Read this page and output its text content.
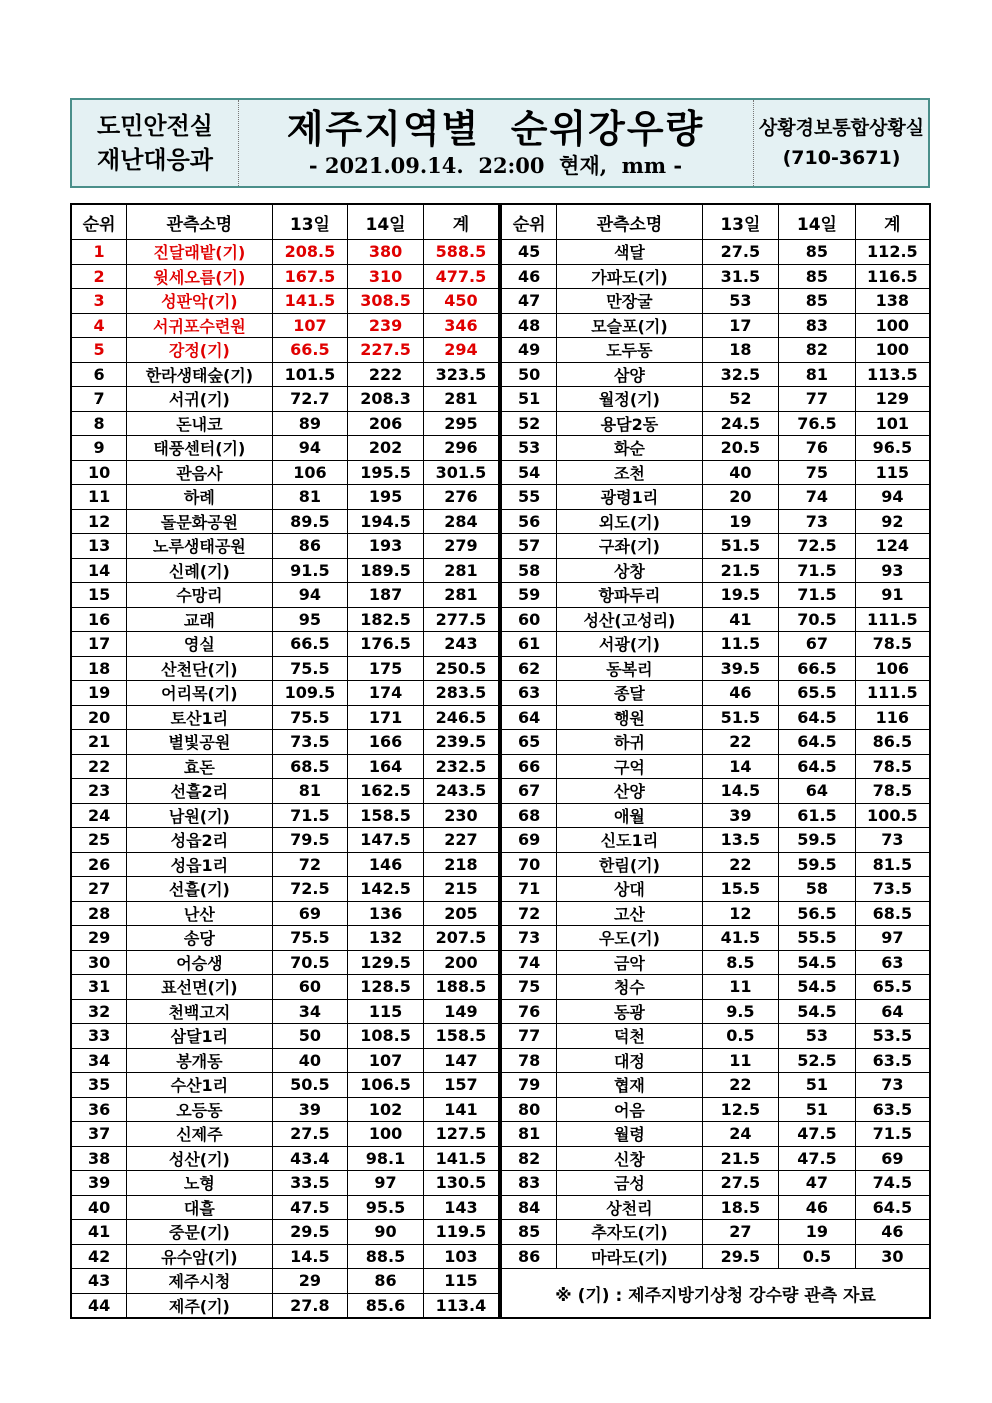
도민안전실
재난대응과
제주지역별  순위강우량
- 2021.09.14.  22:00  현재,  mm -
상황경보통합상황실
(710-3671)
순위	관측소명	13일	14일	계
1	진달래밭(기)	208.5	380	588.5
2	윗세오름(기)	167.5	310	477.5
3	성판악(기)	141.5	308.5	450
4	서귀포수련원	107	239	346
5	강정(기)	66.5	227.5	294
6	한라생태숲(기)	101.5	222	323.5
7	서귀(기)	72.7	208.3	281
8	돈내코	89	206	295
9	태풍센터(기)	94	202	296
10	관음사	106	195.5	301.5
11	하례	81	195	276
12	돌문화공원	89.5	194.5	284
13	노루생태공원	86	193	279
14	신례(기)	91.5	189.5	281
15	수망리	94	187	281
16	교래	95	182.5	277.5
17	영실	66.5	176.5	243
18	산천단(기)	75.5	175	250.5
19	어리목(기)	109.5	174	283.5
20	토산1리	75.5	171	246.5
21	별빛공원	73.5	166	239.5
22	효돈	68.5	164	232.5
23	선흘2리	81	162.5	243.5
24	남원(기)	71.5	158.5	230
25	성읍2리	79.5	147.5	227
26	성읍1리	72	146	218
27	선흘(기)	72.5	142.5	215
28	난산	69	136	205
29	송당	75.5	132	207.5
30	어승생	70.5	129.5	200
31	표선면(기)	60	128.5	188.5
32	천백고지	34	115	149
33	삼달1리	50	108.5	158.5
34	봉개동	40	107	147
35	수산1리	50.5	106.5	157
36	오등동	39	102	141
37	신제주	27.5	100	127.5
38	성산(기)	43.4	98.1	141.5
39	노형	33.5	97	130.5
40	대흘	47.5	95.5	143
41	중문(기)	29.5	90	119.5
42	유수암(기)	14.5	88.5	103
43	제주시청	29	86	115
44	제주(기)	27.8	85.6	113.4
순위	관측소명	13일	14일	계
45	색달	27.5	85	112.5
46	가파도(기)	31.5	85	116.5
47	만장굴	53	85	138
48	모슬포(기)	17	83	100
49	도두동	18	82	100
50	삼양	32.5	81	113.5
51	월정(기)	52	77	129
52	용담2동	24.5	76.5	101
53	화순	20.5	76	96.5
54	조천	40	75	115
55	광령1리	20	74	94
56	외도(기)	19	73	92
57	구좌(기)	51.5	72.5	124
58	상창	21.5	71.5	93
59	항파두리	19.5	71.5	91
60	성산(고성리)	41	70.5	111.5
61	서광(기)	11.5	67	78.5
62	동복리	39.5	66.5	106
63	종달	46	65.5	111.5
64	행원	51.5	64.5	116
65	하귀	22	64.5	86.5
66	구억	14	64.5	78.5
67	산양	14.5	64	78.5
68	애월	39	61.5	100.5
69	신도1리	13.5	59.5	73
70	한림(기)	22	59.5	81.5
71	상대	15.5	58	73.5
72	고산	12	56.5	68.5
73	우도(기)	41.5	55.5	97
74	금악	8.5	54.5	63
75	청수	11	54.5	65.5
76	동광	9.5	54.5	64
77	덕천	0.5	53	53.5
78	대정	11	52.5	63.5
79	협재	22	51	73
80	어음	12.5	51	63.5
81	월령	24	47.5	71.5
82	신창	21.5	47.5	69
83	금성	27.5	47	74.5
84	상천리	18.5	46	64.5
85	추자도(기)	27	19	46
86	마라도(기)	29.5	0.5	30
※ (기) : 제주지방기상청 강수량 관측 자료				
